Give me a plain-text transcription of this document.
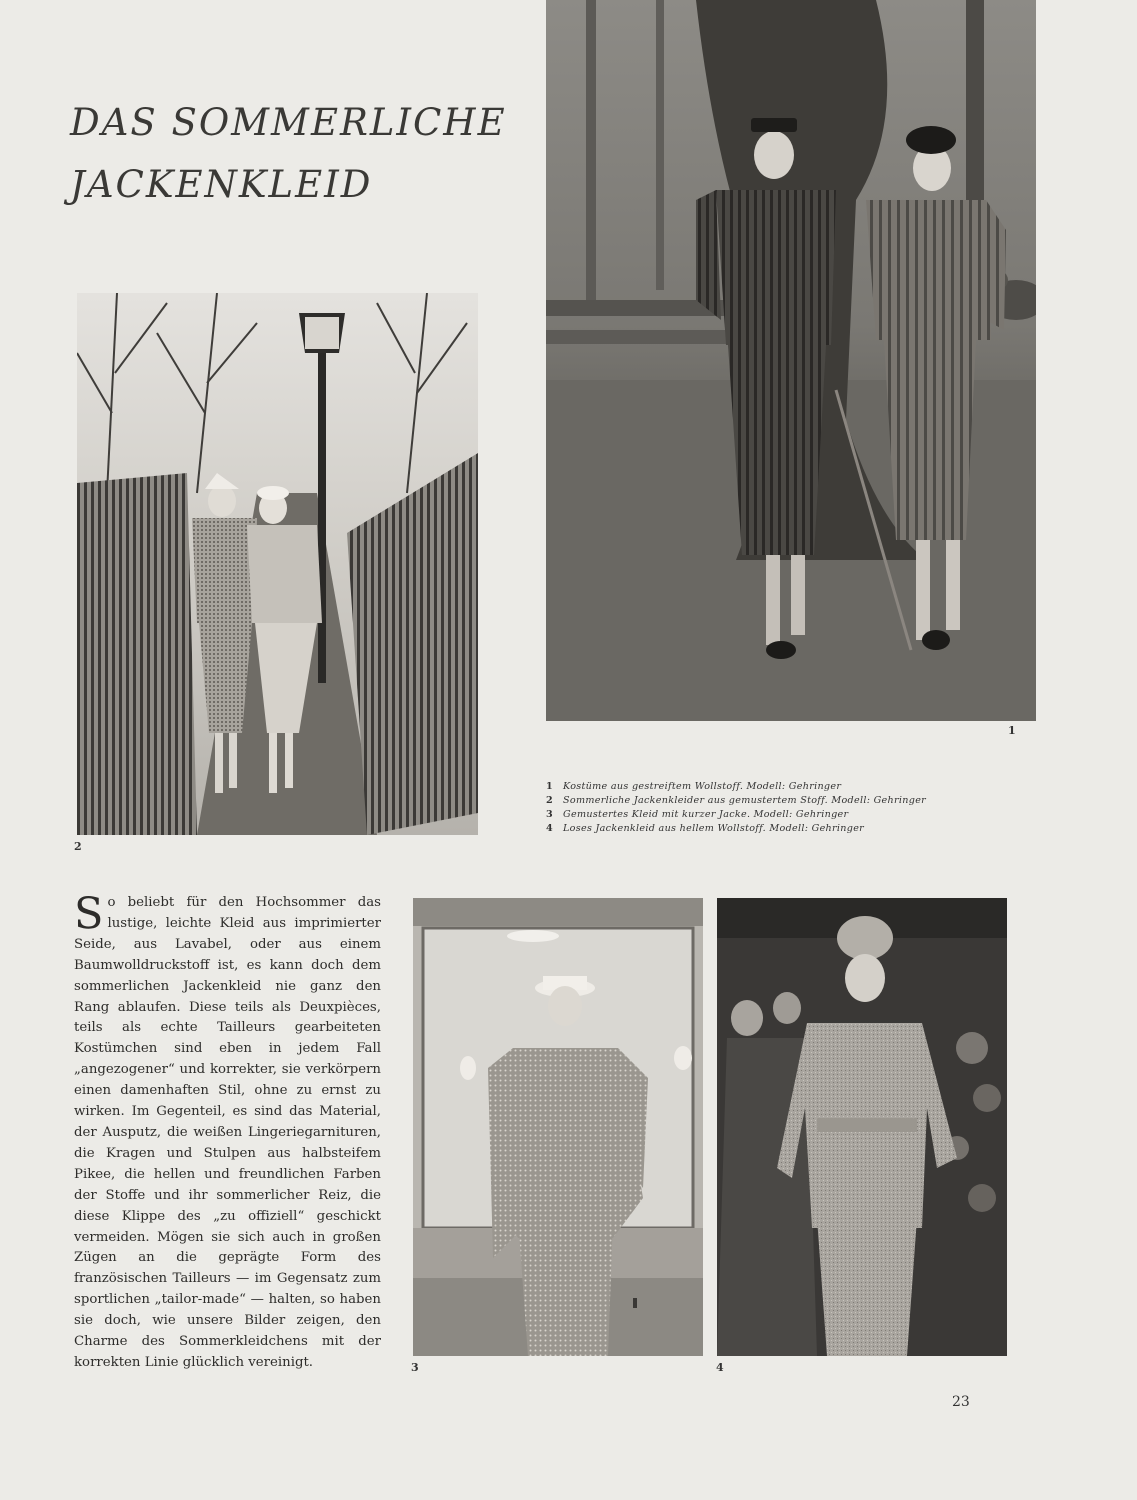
DAS SOMMERLICHE
JACKENKLEID
1
2
1 Kostüme aus gestreiftem Wollstoff. Modell: Gehringer
2 Sommerliche Jackenkleider aus gemustertem Stoff. Modell: Gehringer
3 Gemustertes Kleid mit kurzer Jacke. Modell: Gehringer
4 Loses Jackenkleid aus hellem Wollstoff. Modell: Gehringer
So beliebt für den Hochsommer das lustige, leichte Kleid aus imprimierter Seide, aus Lavabel, oder aus einem Baumwolldruckstoff ist, es kann doch dem sommerlichen Jackenkleid nie ganz den Rang ablaufen. Diese teils als Deuxpièces, teils als echte Tailleurs gearbeiteten Kostümchen sind eben in jedem Fall „angezogener“ und korrekter, sie verkörpern einen damenhaften Stil, ohne zu ernst zu wirken. Im Gegenteil, es sind das Material, der Ausputz, die weißen Lingeriegarnituren, die Kragen und Stulpen aus halbsteifem Pikee, die hellen und freundlichen Farben der Stoffe und ihr sommerlicher Reiz, die diese Klippe des „zu offiziell“ geschickt vermeiden. Mögen sie sich auch in großen Zügen an die geprägte Form des französischen Tailleurs — im Gegensatz zum sportlichen „tailor-made“ — halten, so haben sie doch, wie unsere Bilder zeigen, den Charme des Sommerkleidchens mit der korrekten Linie glücklich vereinigt.	3	4
23
